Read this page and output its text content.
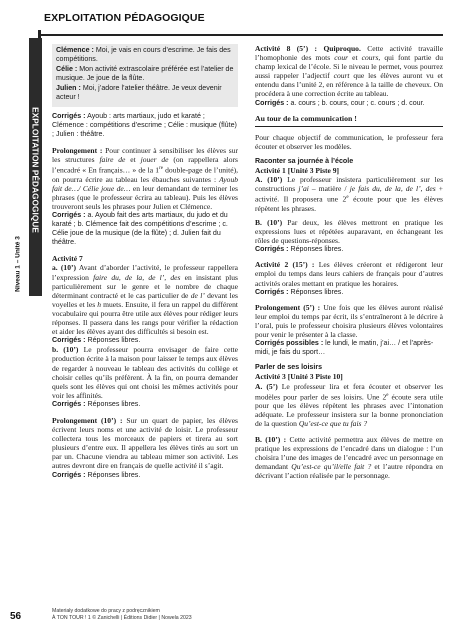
EXPLOITATION PÉDAGOGIQUE
EXPLOITATION PÉDAGOGIQUE
Niveau 1 – Unité 3

Clémence : Moi, je vais en cours d’escrime. Je fais des compétitions.

Célie : Mon activité extrascolaire préférée est l’atelier de musique. Je joue de la flûte.

Julien : Moi, j’adore l’atelier théâtre. Je veux devenir acteur !

Corrigés : Ayoub : arts martiaux, judo et karaté ; Clémence : compétitions d’escrime ; Célie : musique (flûte) ; Julien : théâtre.

Prolongement : Pour continuer à sensibiliser les élèves sur les structures faire de et jouer de (on rappellera alors l’encadré « En français… » de la 1re double-page de l’unité), on pourra écrire au tableau les ébauches suivantes : Ayoub fait de…/ Célie joue de… en leur demandant de terminer les phrases (que le professeur écrira au tableau). Puis les élèves trouveront seuls les phrases pour Julien et Clémence.

Corrigés : a. Ayoub fait des arts martiaux, du judo et du karaté ; b. Clémence fait des compétitions d’escrime ; c. Célie joue de la musique (de la flûte) ; d. Julien fait du théâtre.

Activité 7

a. (10’) Avant d’aborder l’activité, le professeur rappellera l’expression faire du, de la, de l’, des en insistant plus particulièrement sur le genre et le nombre de chaque déterminant contracté et le cas particulier de de l’ devant les voyelles et les h muets. Ensuite, il fera un rappel du différent vocabulaire qui pourra être utile aux élèves pour rédiger leurs réponses. Il passera dans les rangs pour vérifier la rédaction et aider les élèves ayant des difficultés si besoin est.

Corrigés : Réponses libres.

b. (10’) Le professeur pourra envisager de faire cette production écrite à la maison pour laisser le temps aux élèves de regarder à nouveau le tableau des activités du collège et choisir celles qu’ils préfèrent. À la fin, on pourra demander quels sont les élèves qui ont choisi les mêmes activités pour voir les affinités.

Corrigés : Réponses libres.

Prolongement (10’) : Sur un quart de papier, les élèves écrivent leurs noms et une activité de loisir. Le professeur collectera tous les morceaux de papiers et tirera au sort plusieurs d’entre eux. Il appellera les élèves tirés au sort un par un. Chacune viendra au tableau mimer son activité. Les autres devront dire en français de quelle activité il s’agit.

Corrigés : Réponses libres.

Activité 8 (5’) : Quiproquo. Cette activité travaille l’homophonie des mots cour et cours, qui font partie du champ lexical de l’école. Si le niveau le permet, vous pourrez aussi rappeler l’adjectif court que les élèves auront vu et entendu dans l’unité 2, en référence à la taille de cheveux. On procédera à une correction écrite au tableau.

Corrigés : a. cours ; b. cours, cour ; c. cours ; d. cour.

Au tour de la communication !

Pour chaque objectif de communication, le professeur fera écouter et observer les modèles.

Raconter sa journée à l’école

Activité 1 [Unité 3 Piste 9]

A. (10’) Le professeur insistera particulièrement sur les constructions j’ai – matière / je fais du, de la, de l’, des + activité. Il proposera une 2e écoute pour que les élèves répètent les phrases.

B. (10’) Par deux, les élèves mettront en pratique les expressions lues et répétées auparavant, en échangeant les rôles de questions-réponses.

Corrigés : Réponses libres.

Activité 2 (15’) : Les élèves créeront et rédigeront leur emploi du temps dans leurs cahiers de français pour d’autres activités orales mettant en pratique les horaires.

Corrigés : Réponses libres.

Prolongement (5’) : Une fois que les élèves auront réalisé leur emploi du temps par écrit, ils s’entraîneront à le décrire à l’oral, puis le professeur choisira plusieurs élèves volontaires pour venir le présenter à la classe.

Corrigés possibles : le lundi, le matin, j’ai… / et l’après-midi, je fais du sport…

Parler de ses loisirs

Activité 3 [Unité 3 Piste 10]

A. (5’) Le professeur lira et fera écouter et observer les modèles pour parler de ses loisirs. Une 2e écoute sera utile pour que les élèves répètent les phrases avec l’intonation adéquate. Le professeur insistera sur la bonne prononciation de la question Qu’est-ce que tu fais ?

B. (10’) : Cette activité permettra aux élèves de mettre en pratique les expressions de l’encadré dans un dialogue : l’un choisira l’une des images de l’encadré avec un personnage en demandant Qu’est-ce qu’il/elle fait ? et l’autre répondra en décrivant l’action réalisée par le personnage.

56	Materiały dodatkowe do pracy z podręcznikiem
À TON TOUR ! 1 © Zanichelli | Éditions Didier | Nowela 2023
